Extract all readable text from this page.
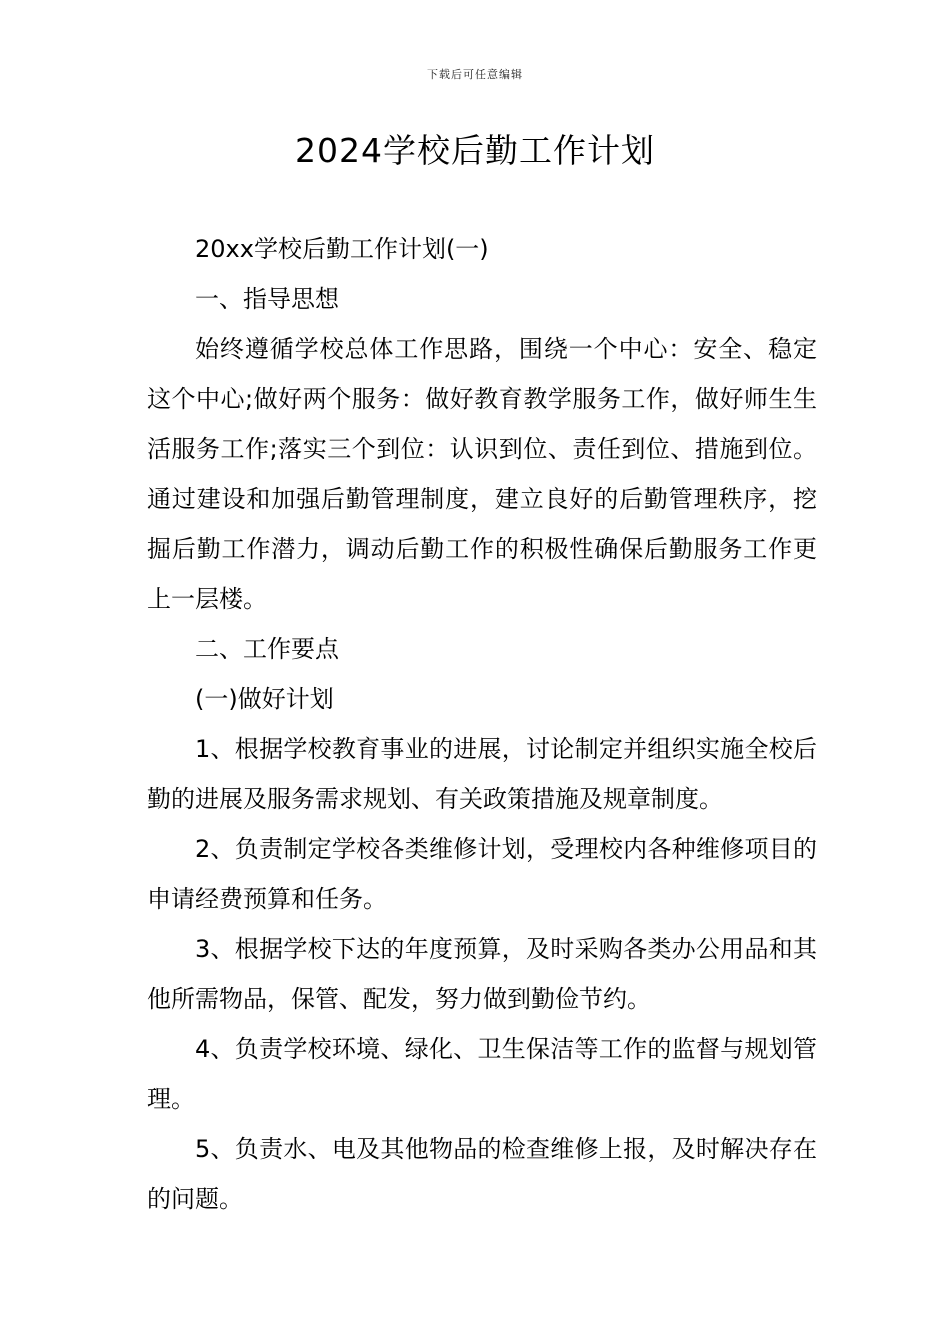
下载后可任意编辑
2024学校后勤工作计划

20xx学校后勤工作计划(一)

一、指导思想

始终遵循学校总体工作思路，围绕一个中心：安全、稳定这个中心;做好两个服务：做好教育教学服务工作，做好师生生活服务工作;落实三个到位：认识到位、责任到位、措施到位。通过建设和加强后勤管理制度，建立良好的后勤管理秩序，挖掘后勤工作潜力，调动后勤工作的积极性确保后勤服务工作更上一层楼。

二、工作要点

(一)做好计划

1、根据学校教育事业的进展，讨论制定并组织实施全校后勤的进展及服务需求规划、有关政策措施及规章制度。

2、负责制定学校各类维修计划，受理校内各种维修项目的申请经费预算和任务。

3、根据学校下达的年度预算，及时采购各类办公用品和其他所需物品，保管、配发，努力做到勤俭节约。

4、负责学校环境、绿化、卫生保洁等工作的监督与规划管理。

5、负责水、电及其他物品的检查维修上报，及时解决存在的问题。
